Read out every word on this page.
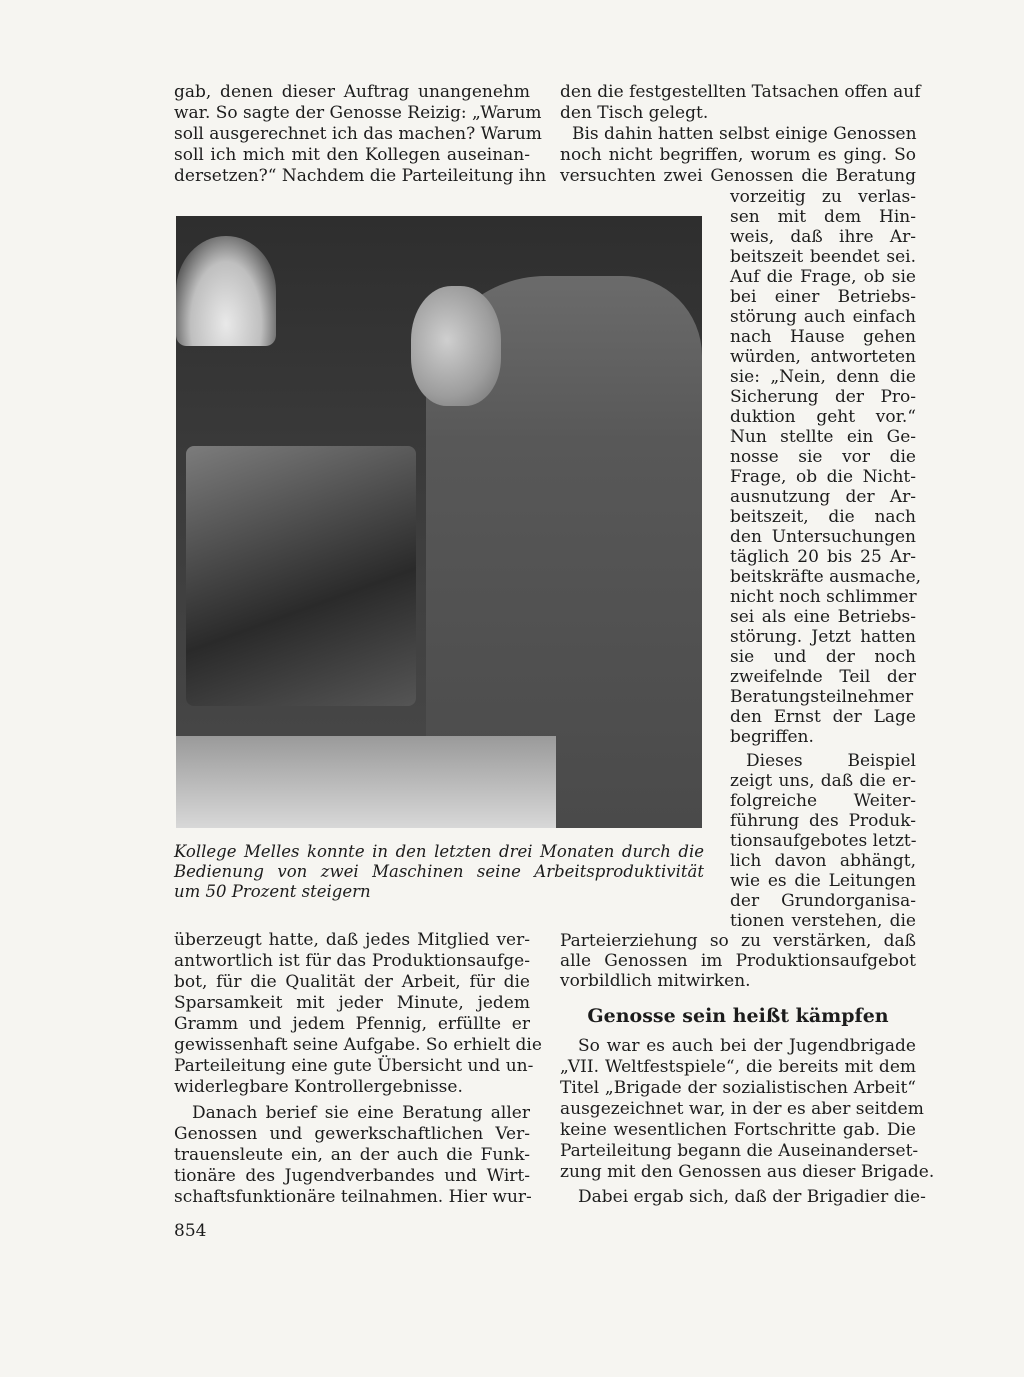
gab, denen dieser Auftrag unangenehm
war. So sagte der Genosse Reizig: „Warum
soll ausgerechnet ich das machen? Warum
soll ich mich mit den Kollegen auseinan-
dersetzen?“ Nachdem die Parteileitung ihn
den die festgestellten Tatsachen offen auf
den Tisch gelegt.
Bis dahin hatten selbst einige Genossen
noch nicht begriffen, worum es ging. So
versuchten zwei Genossen die Beratung
vorzeitig zu verlas-
sen mit dem Hin-
weis, daß ihre Ar-
beitszeit beendet sei.
Auf die Frage, ob sie
bei einer Betriebs-
störung auch einfach
nach Hause gehen
würden, antworteten
sie: „Nein, denn die
Sicherung der Pro-
duktion geht vor.“
Nun stellte ein Ge-
nosse sie vor die
Frage, ob die Nicht-
ausnutzung der Ar-
beitszeit, die nach
den Untersuchungen
täglich 20 bis 25 Ar-
beitskräfte ausmache,
nicht noch schlimmer
sei als eine Betriebs-
störung. Jetzt hatten
sie und der noch
zweifelnde Teil der
Beratungsteilnehmer
den Ernst der Lage
begriffen.
Dieses Beispiel
zeigt uns, daß die er-
folgreiche Weiter-
führung des Produk-
tionsaufgebotes letzt-
lich davon abhängt,
wie es die Leitungen
der Grundorganisa-
tionen verstehen, die
Kollege Melles konnte in den letzten drei Monaten durch die
Bedienung von zwei Maschinen seine Arbeitsproduktivität
um 50 Prozent steigern
überzeugt hatte, daß jedes Mitglied ver-
antwortlich ist für das Produktionsaufge-
bot, für die Qualität der Arbeit, für die
Sparsamkeit mit jeder Minute, jedem
Gramm und jedem Pfennig, erfüllte er
gewissenhaft seine Aufgabe. So erhielt die
Parteileitung eine gute Übersicht und un-
widerlegbare Kontrollergebnisse.
Danach berief sie eine Beratung aller
Genossen und gewerkschaftlichen Ver-
trauensleute ein, an der auch die Funk-
tionäre des Jugendverbandes und Wirt-
schaftsfunktionäre teilnahmen. Hier wur-
Parteierziehung so zu verstärken, daß
alle Genossen im Produktionsaufgebot
vorbildlich mitwirken.
Genosse sein heißt kämpfen
So war es auch bei der Jugendbrigade
„VII. Weltfestspiele“, die bereits mit dem
Titel „Brigade der sozialistischen Arbeit“
ausgezeichnet war, in der es aber seitdem
keine wesentlichen Fortschritte gab. Die
Parteileitung begann die Auseinanderset-
zung mit den Genossen aus dieser Brigade.
Dabei ergab sich, daß der Brigadier die-
854
